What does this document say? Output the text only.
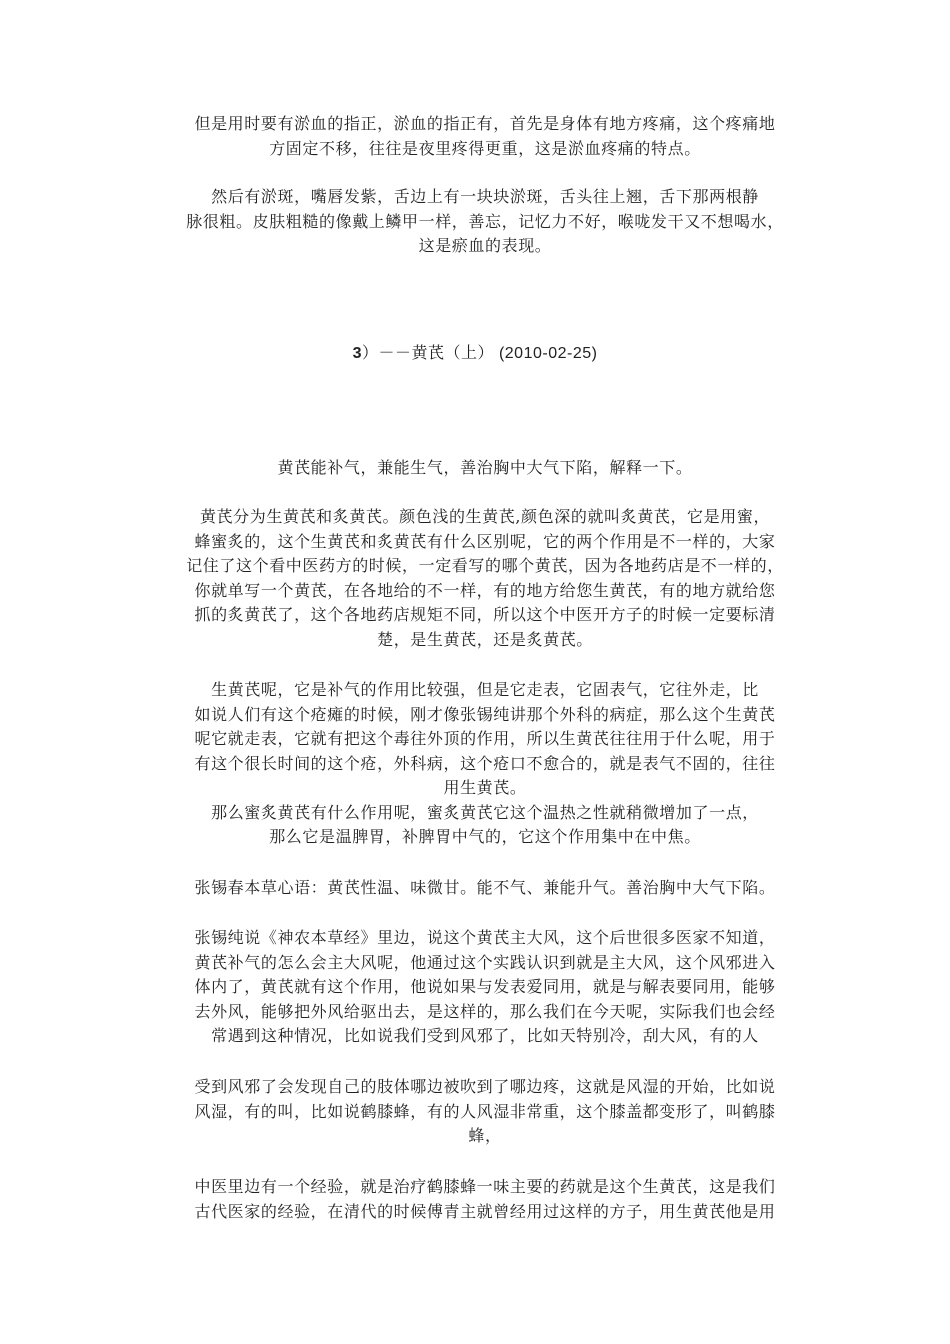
但是用时要有淤血的指正，淤血的指正有，首先是身体有地方疼痛，这个疼痛地
方固定不移，往往是夜里疼得更重，这是淤血疼痛的特点。
然后有淤斑，嘴唇发紫，舌边上有一块块淤斑，舌头往上翘，舌下那两根静
脉很粗。皮肤粗糙的像戴上鳞甲一样，善忘，记忆力不好，喉咙发干又不想喝水，
这是瘀血的表现。
3）－－黄芪（上） (2010-02-25)
黄芪能补气，兼能生气，善治胸中大气下陷，解释一下。
黄芪分为生黄芪和炙黄芪。颜色浅的生黄芪,颜色深的就叫炙黄芪，它是用蜜，
蜂蜜炙的，这个生黄芪和炙黄芪有什么区别呢，它的两个作用是不一样的，大家
记住了这个看中医药方的时候，一定看写的哪个黄芪，因为各地药店是不一样的，
你就单写一个黄芪，在各地给的不一样，有的地方给您生黄芪，有的地方就给您
抓的炙黄芪了，这个各地药店规矩不同，所以这个中医开方子的时候一定要标清
楚，是生黄芪，还是炙黄芪。
生黄芪呢，它是补气的作用比较强，但是它走表，它固表气，它往外走，比
如说人们有这个疮瘫的时候，刚才像张锡纯讲那个外科的病症，那么这个生黄芪
呢它就走表，它就有把这个毒往外顶的作用，所以生黄芪往往用于什么呢，用于
有这个很长时间的这个疮，外科病，这个疮口不愈合的，就是表气不固的，往往
用生黄芪。
那么蜜炙黄芪有什么作用呢，蜜炙黄芪它这个温热之性就稍微增加了一点，
那么它是温脾胃，补脾胃中气的，它这个作用集中在中焦。
张锡春本草心语：黄芪性温、味微甘。能不气、兼能升气。善治胸中大气下陷。
张锡纯说《神农本草经》里边，说这个黄芪主大风，这个后世很多医家不知道，
黄芪补气的怎么会主大风呢，他通过这个实践认识到就是主大风，这个风邪进入
体内了，黄芪就有这个作用，他说如果与发表爱同用，就是与解表要同用，能够
去外风，能够把外风给驱出去，是这样的，那么我们在今天呢，实际我们也会经
常遇到这种情况，比如说我们受到风邪了，比如天特别冷，刮大风，有的人
受到风邪了会发现自己的肢体哪边被吹到了哪边疼，这就是风湿的开始，比如说
风湿，有的叫，比如说鹤膝蜂，有的人风湿非常重，这个膝盖都变形了，叫鹤膝
蜂，
中医里边有一个经验，就是治疗鹤膝蜂一味主要的药就是这个生黄芪，这是我们
古代医家的经验，在清代的时候傅青主就曾经用过这样的方子，用生黄芪他是用
